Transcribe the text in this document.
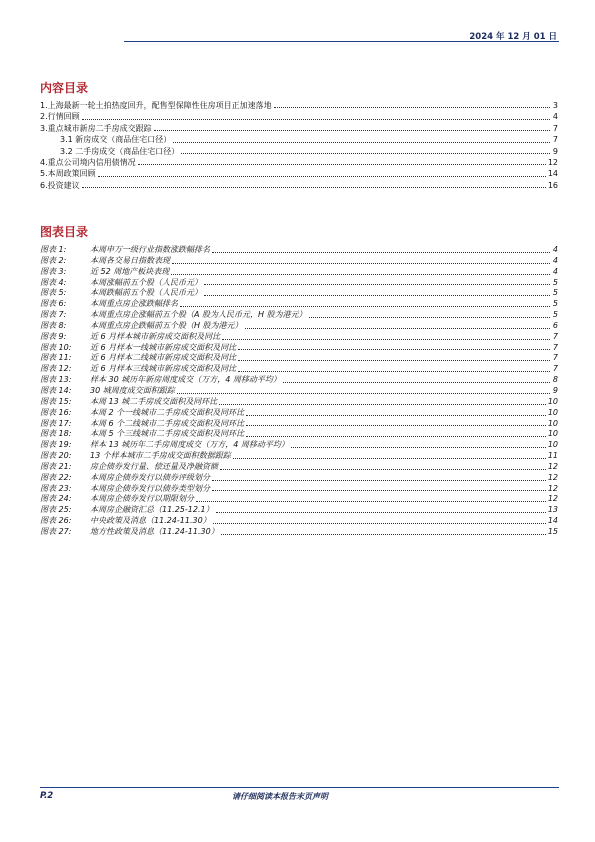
2024 年 12 月 01 日
内容目录
1.上海最新一轮土拍热度回升，配售型保障性住房项目正加速落地	3
2.行情回顾	4
3.重点城市新房二手房成交跟踪	7
3.1 新房成交（商品住宅口径）	7
3.2 二手房成交（商品住宅口径）	9
4.重点公司境内信用债情况	12
5.本周政策回顾	14
6.投资建议	16
图表目录
图表 1:	本周申万一级行业指数涨跌幅排名	4
图表 2:	本周各交易日指数表现	4
图表 3:	近 52 周地产板块表现	4
图表 4:	本周涨幅前五个股（人民币元）	5
图表 5:	本周跌幅前五个股（人民币元）	5
图表 6:	本周重点房企涨跌幅排名	5
图表 7:	本周重点房企涨幅前五个股（A 股为人民币元，H 股为港元）	5
图表 8:	本周重点房企跌幅前五个股（H 股为港元）	6
图表 9:	近 6 月样本城市新房成交面积及同比	7
图表 10:	近 6 月样本一线城市新房成交面积及同比	7
图表 11:	近 6 月样本二线城市新房成交面积及同比	7
图表 12:	近 6 月样本三线城市新房成交面积及同比	7
图表 13:	样本 30 城历年新房周度成交（万方，4 周移动平均）	8
图表 14:	30 城周度成交面积跟踪	9
图表 15:	本周 13 城二手房成交面积及同环比	10
图表 16:	本周 2 个一线城市二手房成交面积及同环比	10
图表 17:	本周 6 个二线城市二手房成交面积及同环比	10
图表 18:	本周 5 个三线城市二手房成交面积及同环比	10
图表 19:	样本 13 城历年二手房周度成交（万方，4 周移动平均）	10
图表 20:	13 个样本城市二手房成交面积数据跟踪	11
图表 21:	房企债券发行量、偿还量及净融资额	12
图表 22:	本周房企债券发行以债券评级划分	12
图表 23:	本周房企债券发行以债券类型划分	12
图表 24:	本周房企债券发行以期限划分	12
图表 25:	本周房企融资汇总（11.25-12.1）	13
图表 26:	中央政策及消息（11.24-11.30）	14
图表 27:	地方性政策及消息（11.24-11.30）	15
P.2	请仔细阅读本报告末页声明
